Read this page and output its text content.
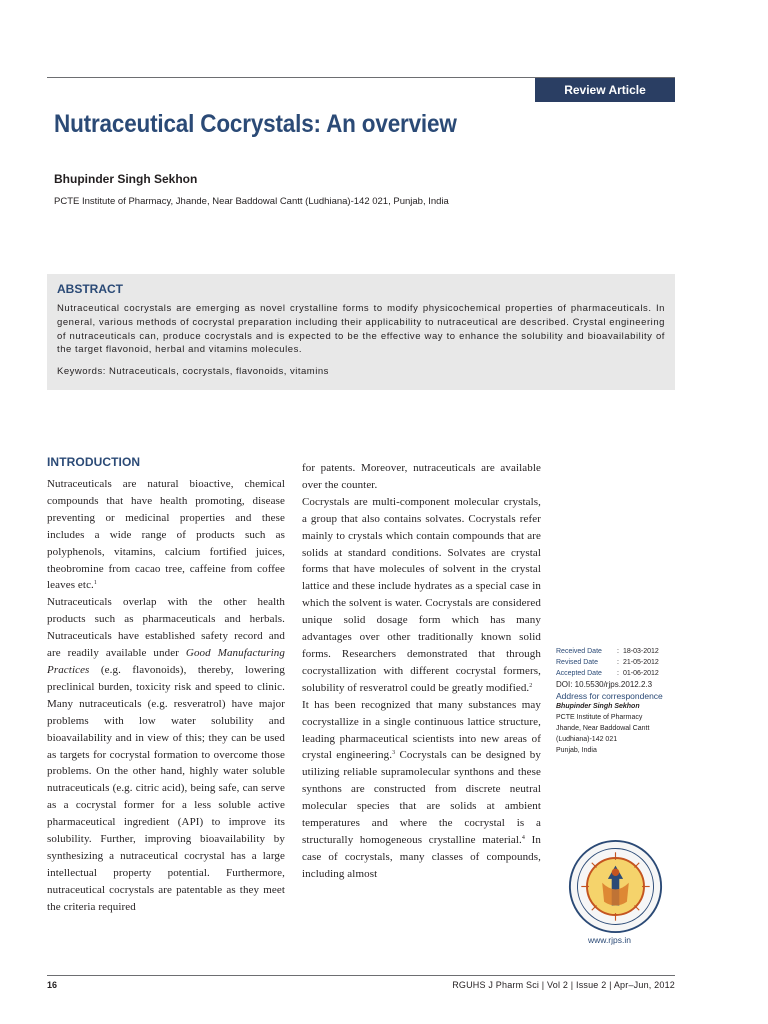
Review Article
Nutraceutical Cocrystals: An overview
Bhupinder Singh Sekhon
PCTE Institute of Pharmacy, Jhande, Near Baddowal Cantt (Ludhiana)-142 021, Punjab, India
ABSTRACT

Nutraceutical cocrystals are emerging as novel crystalline forms to modify physicochemical properties of pharmaceuticals. In general, various methods of cocrystal preparation including their applicability to nutraceutical are described. Crystal engineering of nutraceuticals can, produce cocrystals and is expected to be the effective way to enhance the solubility and bioavailability of the target flavonoid, herbal and vitamins molecules.

Keywords: Nutraceuticals, cocrystals, flavonoids, vitamins

INTRODUCTION

Nutraceuticals are natural bioactive, chemical compounds that have health promoting, disease preventing or medicinal properties and these includes a wide range of products such as polyphenols, vitamins, calcium fortified juices, theobromine from cacao tree, caffeine from coffee leaves etc.$^1$

Nutraceuticals overlap with the other health products such as pharmaceuticals and herbals. Nutraceuticals have established safety record and are readily available under Good Manufacturing Practices (e.g. flavonoids), thereby, lowering preclinical burden, toxicity risk and speed to clinic. Many nutraceuticals (e.g. resveratrol) have major problems with low water solubility and bioavailability and in view of this; they can be used as targets for cocrystal formation to overcome those problems. On the other hand, highly water soluble nutraceuticals (e.g. citric acid), being safe, can serve as a cocrystal former for a less soluble active pharmaceutical ingredient (API) to improve its solubility. Further, improving bioavailability by synthesizing a nutraceutical cocrystal has a large intellectual property potential. Furthermore, nutraceutical cocrystals are patentable as they meet the criteria required

for patents. Moreover, nutraceuticals are available over the counter.

Cocrystals are multi-component molecular crystals, a group that also contains solvates. Cocrystals refer mainly to crystals which contain compounds that are solids at standard conditions. Solvates are crystal forms that have molecules of solvent in the crystal lattice and these include hydrates as a special case in which the solvent is water. Cocrystals are considered unique solid dosage form which has many advantages over other traditionally known solid forms. Researchers demonstrated that through cocrystallization with different cocrystal formers, solubility of resveratrol could be greatly modified.$^2$

It has been recognized that many substances may cocrystallize in a single continuous lattice structure, leading pharmaceutical scientists into new areas of crystal engineering.$^3$ Cocrystals can be designed by utilizing reliable supramolecular synthons and these synthons are constructed from discrete neutral molecular species that are solids at ambient temperatures and where the cocrystal is a structurally homogeneous crystalline material.$^4$ In case of cocrystals, many classes of compounds, including almost

Received Date	: 18-03-2012
Revised Date	: 21-05-2012
Accepted Date	: 01-06-2012
DOI: 10.5530/rjps.2012.2.3
Address for correspondence
Bhupinder Singh Sekhon
PCTE Institute of Pharmacy
Jhande, Near Baddowal Cantt
(Ludhiana)-142 021
Punjab, India
www.rjps.in
16	RGUHS J Pharm Sci | Vol 2 | Issue 2 | Apr–Jun, 2012
